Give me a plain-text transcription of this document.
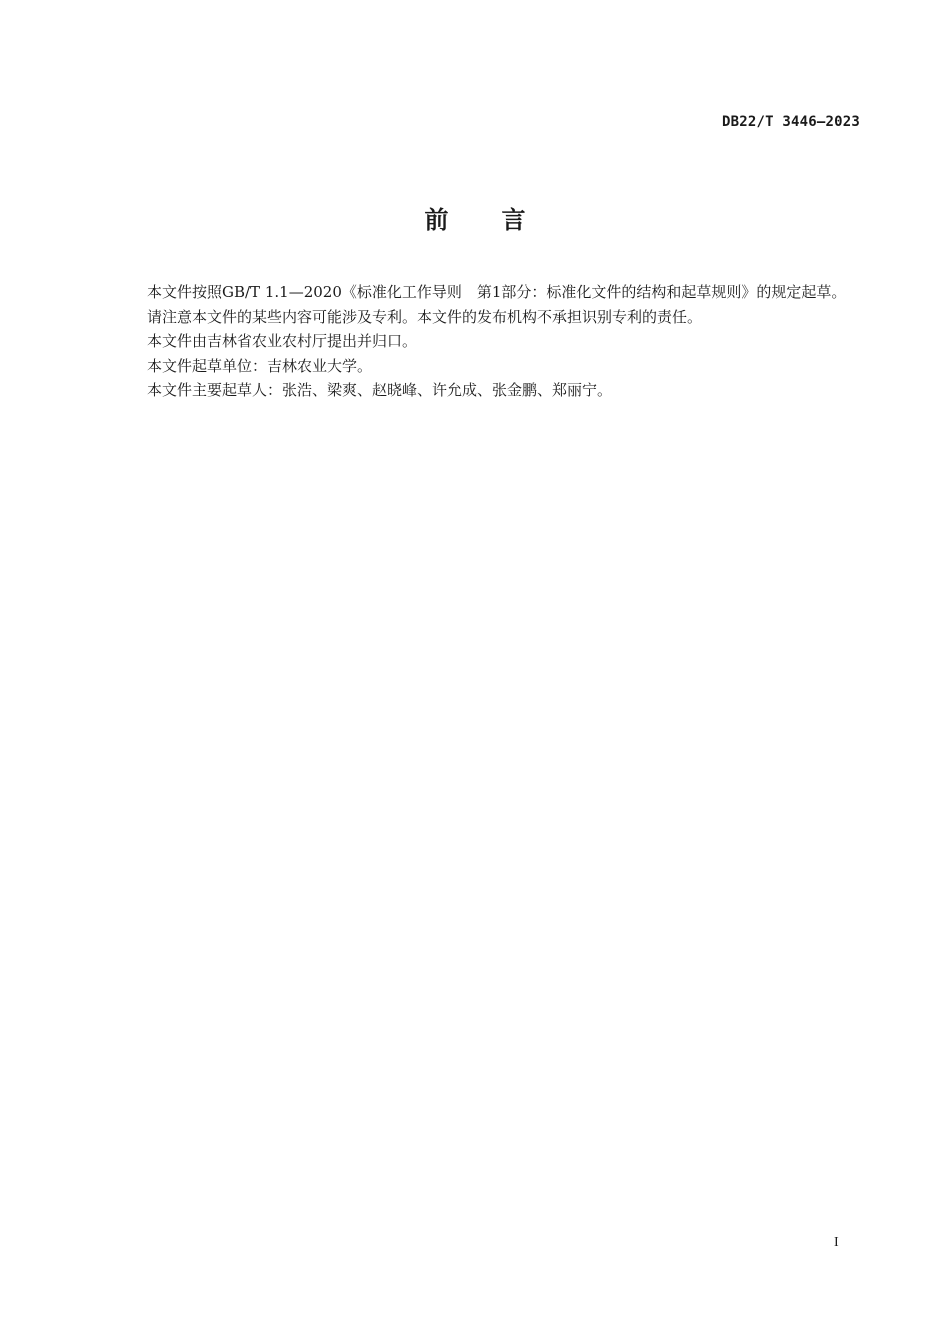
DB22/T 3446—2023
前 言

本文件按照GB/T 1.1—2020《标准化工作导则　第1部分：标准化文件的结构和起草规则》的规定起草。

请注意本文件的某些内容可能涉及专利。本文件的发布机构不承担识别专利的责任。

本文件由吉林省农业农村厅提出并归口。

本文件起草单位：吉林农业大学。

本文件主要起草人：张浩、梁爽、赵晓峰、许允成、张金鹏、郑丽宁。

I
